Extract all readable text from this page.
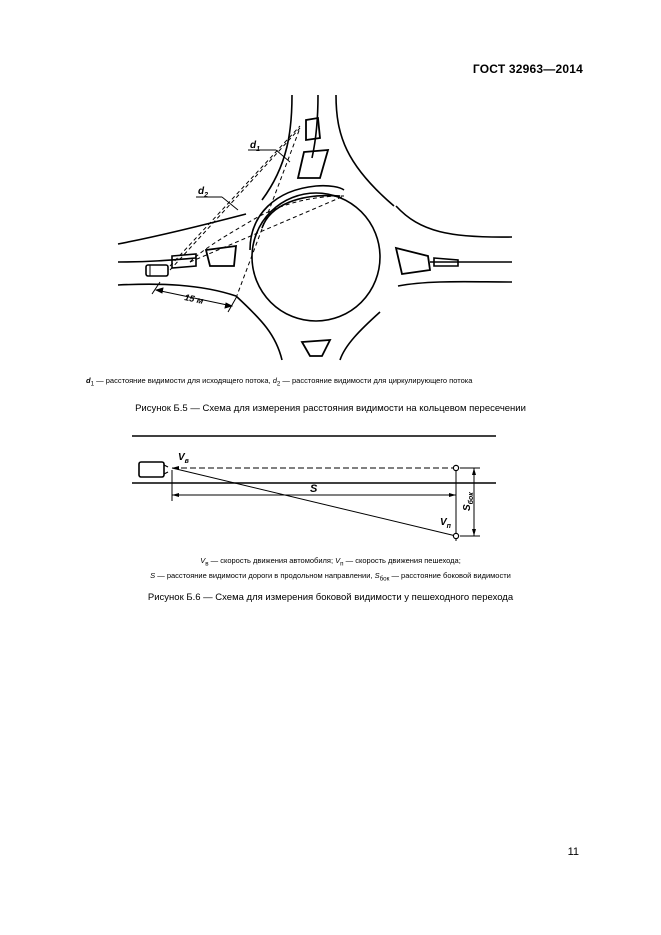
ГОСТ 32963—2014
$d_1$
$d_2$
15 м
$d_1$ — расстояние видимости для исходящего потока, $d_2$ — расстояние видимости для циркулирующего потока
Рисунок Б.5 — Схема для измерения расстояния видимости на кольцевом пересечении
$V_в$
S
$V_п$
$S_{бок}$
$V_в$ — скорость движения автомобиля; $V_п$ — скорость движения пешехода;
S — расстояние видимости дороги в продольном направлении, $S_{бок}$ — расстояние боковой видимости
Рисунок Б.6 — Схема для измерения боковой видимости у пешеходного перехода
11
